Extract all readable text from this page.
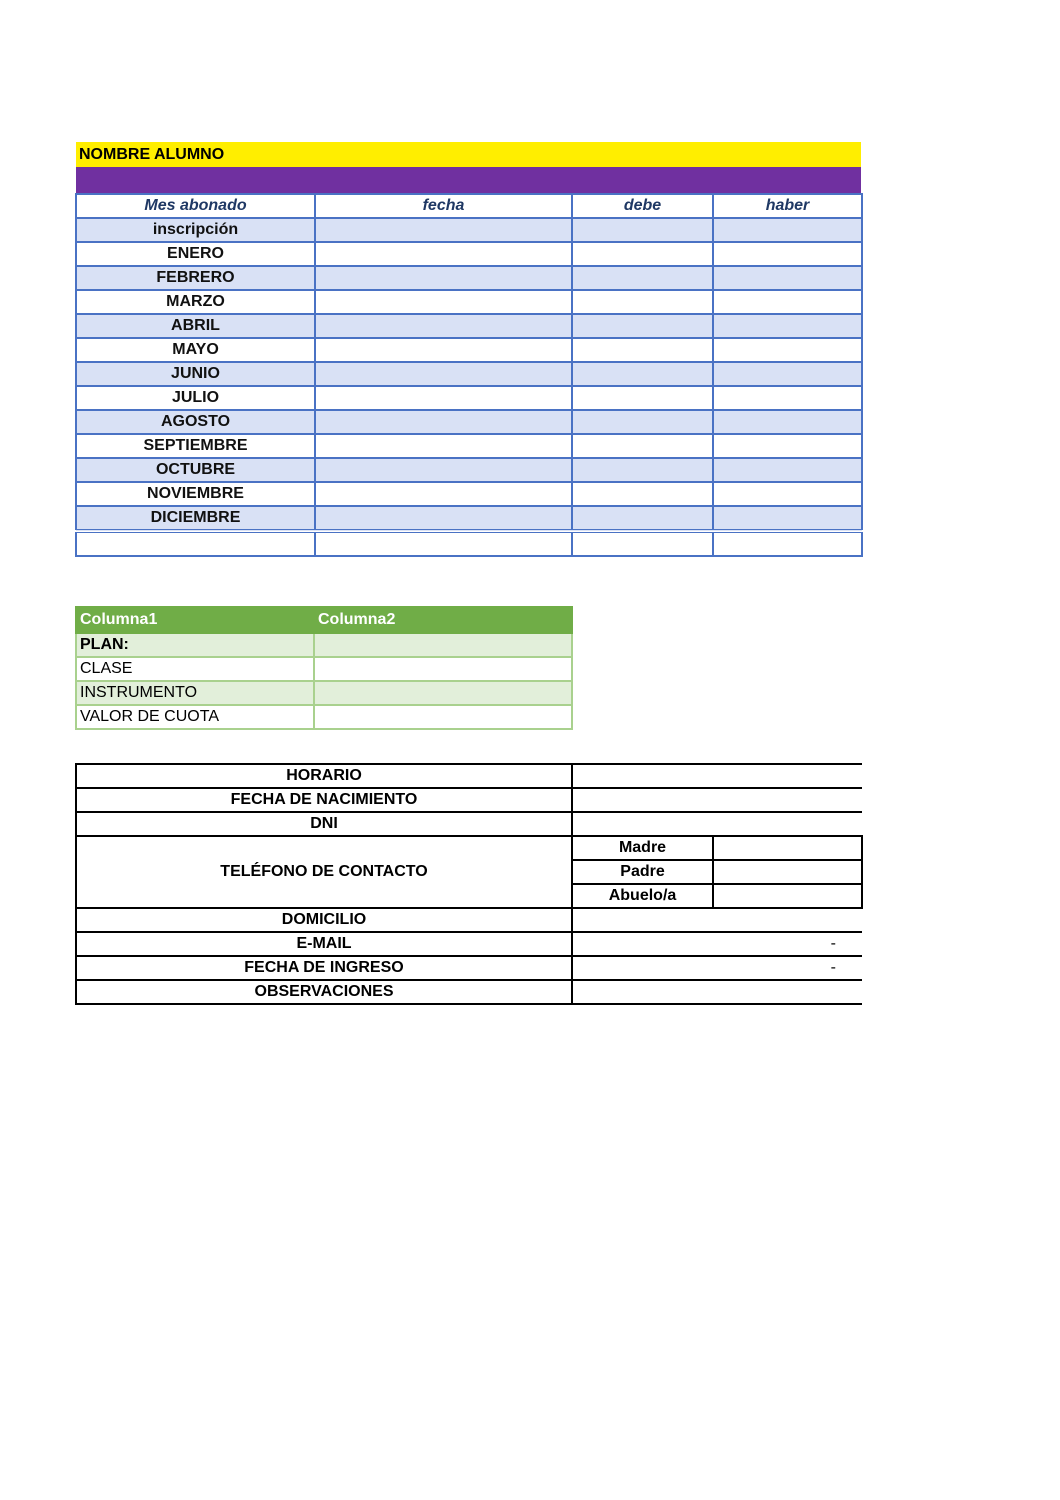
NOMBRE ALUMNO
Mes abonado	fecha	debe	haber
inscripción			
ENERO			
FEBRERO			
MARZO			
ABRIL			
MAYO			
JUNIO			
JULIO			
AGOSTO			
SEPTIEMBRE			
OCTUBRE			
NOVIEMBRE			
DICIEMBRE			

Columna1	Columna2
PLAN:	
CLASE	
INSTRUMENTO	
VALOR DE CUOTA	
HORARIO		
FECHA DE NACIMIENTO		
DNI		
TELÉFONO DE CONTACTO	Madre	
	Padre	
	Abuelo/a	
DOMICILIO		
E-MAIL	-	
FECHA DE INGRESO	-	
OBSERVACIONES		
